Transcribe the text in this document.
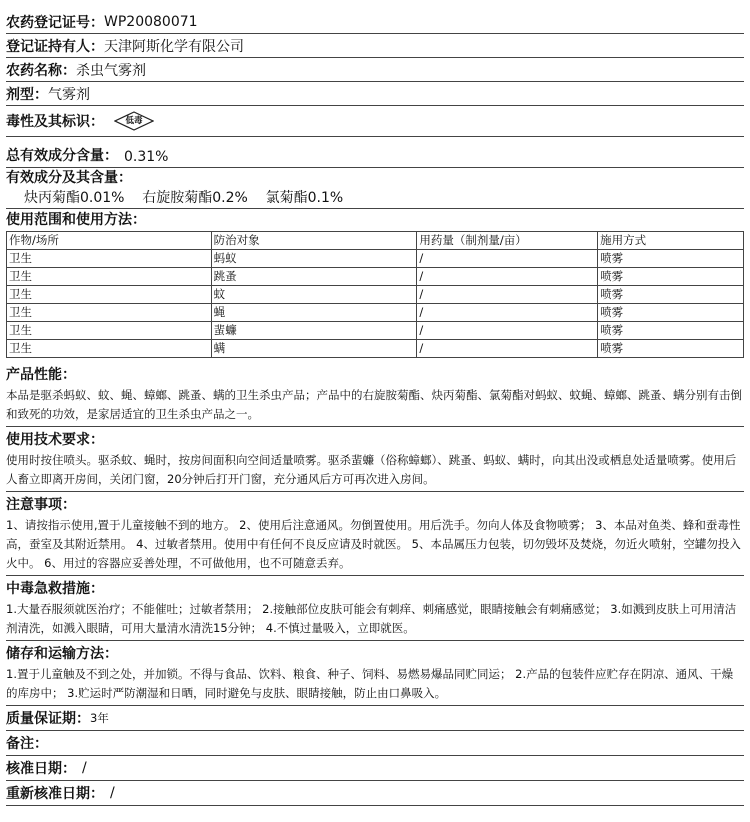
农药登记证号： WP20080071
登记证持有人： 天津阿斯化学有限公司
农药名称： 杀虫气雾剂
剂型： 气雾剂
毒性及其标识：	低毒
总有效成分含量： 0.31%
有效成分及其含量：
炔丙菊酯0.01%    右旋胺菊酯0.2%    氯菊酯0.1%
使用范围和使用方法：
作物/场所	防治对象	用药量（制剂量/亩）	施用方式
卫生	蚂蚁	/	喷雾
卫生	跳蚤	/	喷雾
卫生	蚊	/	喷雾
卫生	蝇	/	喷雾
卫生	蜚蠊	/	喷雾
卫生	螨	/	喷雾
产品性能：
本品是驱杀蚂蚁、蚊、蝇、蟑螂、跳蚤、螨的卫生杀虫产品；产品中的右旋胺菊酯、炔丙菊酯、氯菊酯对蚂蚁、蚊蝇、蟑螂、跳蚤、螨分别有击倒和致死的功效，是家居适宜的卫生杀虫产品之一。
使用技术要求：
使用时按住喷头。驱杀蚊、蝇时，按房间面积向空间适量喷雾。驱杀蜚蠊（俗称蟑螂）、跳蚤、蚂蚁、螨时，向其出没或栖息处适量喷雾。使用后人畜立即离开房间，关闭门窗，20分钟后打开门窗，充分通风后方可再次进入房间。
注意事项：
1、请按指示使用,置于儿童接触不到的地方。 2、使用后注意通风。勿倒置使用。用后洗手。勿向人体及食物喷雾； 3、本品对鱼类、蜂和蚕毒性高，蚕室及其附近禁用。 4、过敏者禁用。使用中有任何不良反应请及时就医。 5、本品属压力包装，切勿毁坏及焚烧，勿近火喷射，空罐勿投入火中。 6、用过的容器应妥善处理，不可做他用，也不可随意丢弃。
中毒急救措施：
1.大量吞服须就医治疗；不能催吐；过敏者禁用； 2.接触部位皮肤可能会有刺痒、刺痛感觉，眼睛接触会有刺痛感觉； 3.如溅到皮肤上可用清洁剂清洗，如溅入眼睛，可用大量清水清洗15分钟； 4.不慎过量吸入，立即就医。
储存和运输方法：
1.置于儿童触及不到之处，并加锁。不得与食品、饮料、粮食、种子、饲料、易燃易爆品同贮同运； 2.产品的包装件应贮存在阴凉、通风、干燥的库房中； 3.贮运时严防潮湿和日晒，同时避免与皮肤、眼睛接触，防止由口鼻吸入。
质量保证期： 3年
备注：
核准日期： /
重新核准日期： /
